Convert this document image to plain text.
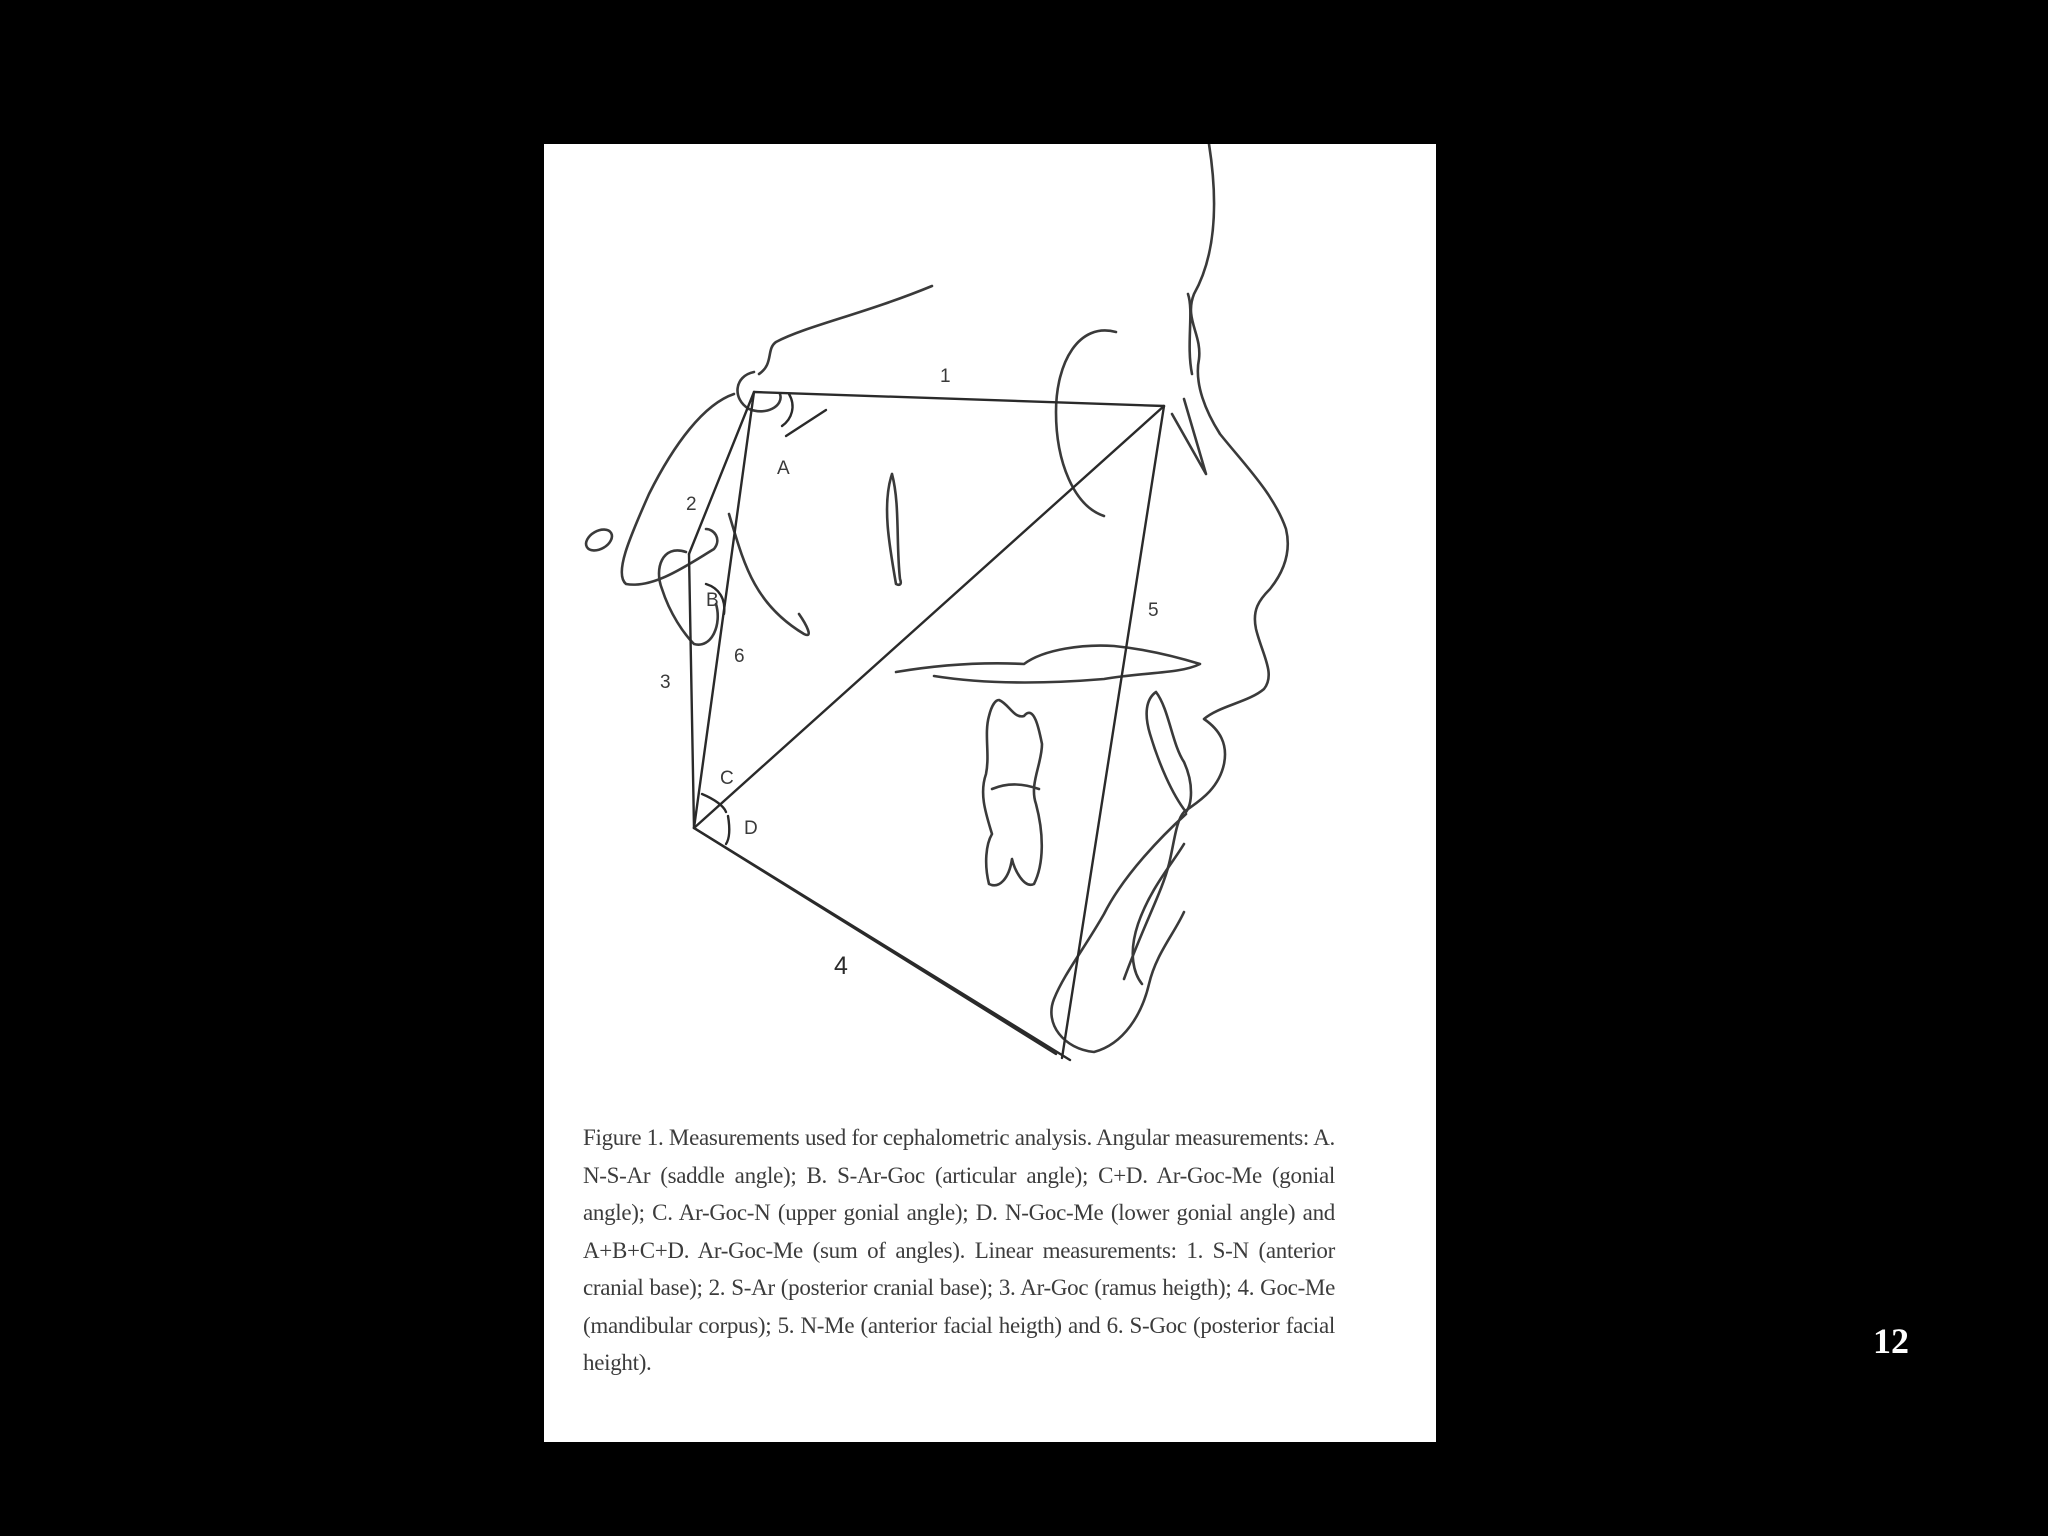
1
2
3
6
5
4
A
B
C
D

Figure 1. Measurements used for cephalometric analysis. Angular measurements: A. N-S-Ar (saddle angle); B. S-Ar-Goc (articular angle); C+D. Ar-Goc-Me (gonial angle); C. Ar-Goc-N (upper gonial angle); D. N-Goc-Me (lower gonial angle) and A+B+C+D. Ar-Goc-Me (sum of angles). Linear measurements: 1. S-N (anterior cranial base); 2. S-Ar (posterior cranial base); 3. Ar-Goc (ramus heigth); 4. Goc-Me (mandibular corpus); 5. N-Me (anterior facial heigth) and 6. S-Goc (posterior facial height).

12
